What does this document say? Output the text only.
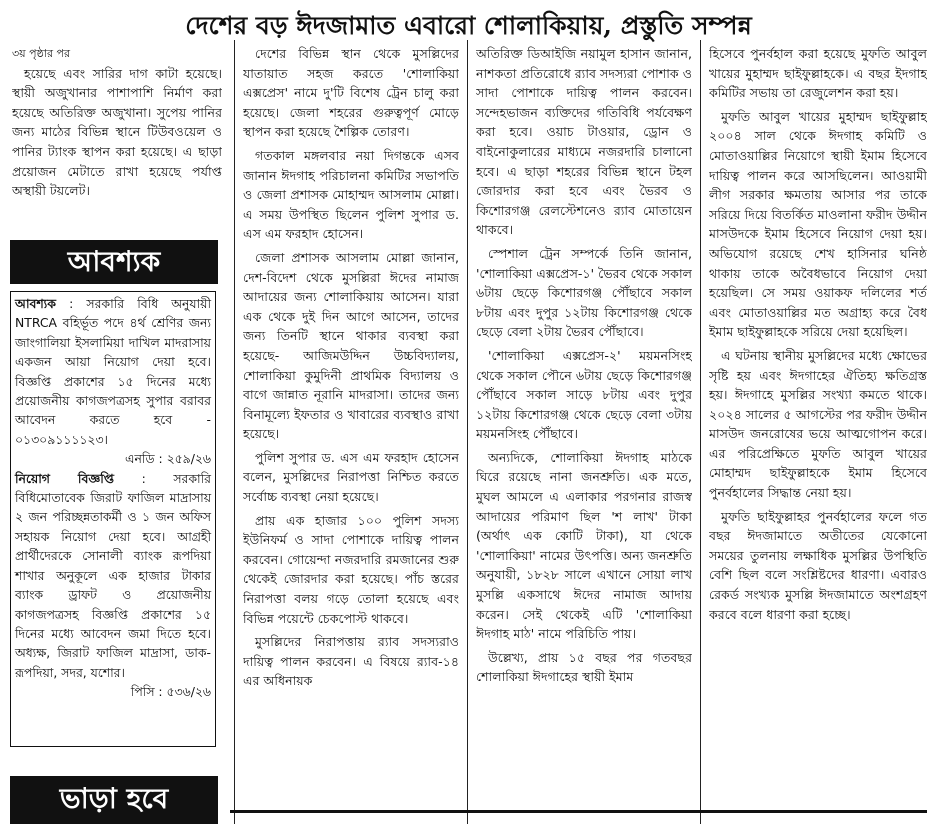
দেশের বড় ঈদজামাত এবারো শোলাকিয়ায়, প্রস্তুতি সম্পন্ন

৩য় পৃষ্ঠার পর

হয়েছে এবং সারির দাগ কাটা হয়েছে। স্থায়ী অজুখানার পাশাপাশি নির্মাণ করা হয়েছে অতিরিক্ত অজুখানা। সুপেয় পানির জন্য মাঠের বিভিন্ন স্থানে টিউবওয়েল ও পানির ট্যাংক স্থাপন করা হয়েছে। এ ছাড়া প্রয়োজন মেটাতে রাখা হয়েছে পর্যাপ্ত অস্থায়ী টয়লেট।

আবশ্যক

আবশ্যক : সরকারি বিধি অনুযায়ী NTRCA বহির্ভূত পদে ৪র্থ শ্রেণির জন্য জাংগালিয়া ইসলামিয়া দাখিল মাদরাসায় একজন আয়া নিয়োগ দেয়া হবে। বিজ্ঞপ্তি প্রকাশের ১৫ দিনের মধ্যে প্রয়োজনীয় কাগজপত্রসহ সুপার বরাবর আবেদন করতে হবে - ০১৩০৯১১১১২৩।

এনডি : ২৫৯/২৬

নিয়োগ বিজ্ঞপ্তি : সরকারি বিধিমোতাবেক জিরাট ফাজিল মাদ্রাসায় ২ জন পরিচ্ছন্নতাকর্মী ও ১ জন অফিস সহায়ক নিয়োগ দেয়া হবে। আগ্রহী প্রার্থীদেরকে সোনালী ব্যাংক রূপদিয়া শাখার অনুকূলে এক হাজার টাকার ব্যাংক ড্রাফট ও প্রয়োজনীয় কাগজপত্রসহ বিজ্ঞপ্তি প্রকাশের ১৫ দিনের মধ্যে আবেদন জমা দিতে হবে। অধ্যক্ষ, জিরাট ফাজিল মাদ্রাসা, ডাক-রূপদিয়া, সদর, যশোর।

পিসি : ৫৩৬/২৬

ভাড়া হবে

দেশের বিভিন্ন স্থান থেকে মুসল্লিদের যাতায়াত সহজ করতে 'শোলাকিয়া এক্সপ্রেস' নামে দু'টি বিশেষ ট্রেন চালু করা হয়েছে। জেলা শহরের গুরুত্বপূর্ণ মোড়ে স্থাপন করা হয়েছে শৈল্পিক তোরণ।

গতকাল মঙ্গলবার নয়া দিগন্তকে এসব জানান ঈদগাহ পরিচালনা কমিটির সভাপতি ও জেলা প্রশাসক মোহাম্মদ আসলাম মোল্লা। এ সময় উপস্থিত ছিলেন পুলিশ সুপার ড. এস এম ফরহাদ হোসেন।

জেলা প্রশাসক আসলাম মোল্লা জানান, দেশ-বিদেশ থেকে মুসল্লিরা ঈদের নামাজ আদায়ের জন্য শোলাকিয়ায় আসেন। যারা এক থেকে দুই দিন আগে আসেন, তাদের জন্য তিনটি স্থানে থাকার ব্যবস্থা করা হয়েছে- আজিমউদ্দিন উচ্চবিদ্যালয়, শোলাকিয়া কুমুদিনী প্রাথমিক বিদ্যালয় ও বাগে জান্নাত নূরানি মাদরাসা। তাদের জন্য বিনামূল্যে ইফতার ও খাবারের ব্যবস্থাও রাখা হয়েছে।

পুলিশ সুপার ড. এস এম ফরহাদ হোসেন বলেন, মুসল্লিদের নিরাপত্তা নিশ্চিত করতে সর্বোচ্চ ব্যবস্থা নেয়া হয়েছে।

প্রায় এক হাজার ১০০ পুলিশ সদস্য ইউনিফর্ম ও সাদা পোশাকে দায়িত্ব পালন করবেন। গোয়েন্দা নজরদারি রমজানের শুরু থেকেই জোরদার করা হয়েছে। পাঁচ স্তরের নিরাপত্তা বলয় গড়ে তোলা হয়েছে এবং বিভিন্ন পয়েন্টে চেকপোস্ট থাকবে।

মুসল্লিদের নিরাপত্তায় র‍্যাব সদস্যরাও দায়িত্ব পালন করবেন। এ বিষয়ে র‍্যাব-১৪ এর অধিনায়ক

অতিরিক্ত ডিআইজি নয়ামুল হাসান জানান, নাশকতা প্রতিরোধে র‍্যাব সদস্যরা পোশাক ও সাদা পোশাকে দায়িত্ব পালন করবেন। সন্দেহভাজন ব্যক্তিদের গতিবিধি পর্যবেক্ষণ করা হবে। ওয়াচ টাওয়ার, ড্রোন ও বাইনোকুলারের মাধ্যমে নজরদারি চালানো হবে। এ ছাড়া শহরের বিভিন্ন স্থানে টহল জোরদার করা হবে এবং ভৈরব ও কিশোরগঞ্জ রেলস্টেশনেও র‍্যাব মোতায়েন থাকবে।

স্পেশাল ট্রেন সম্পর্কে তিনি জানান, 'শোলাকিয়া এক্সপ্রেস-১' ভৈরব থেকে সকাল ৬টায় ছেড়ে কিশোরগঞ্জ পৌঁছাবে সকাল ৮টায় এবং দুপুর ১২টায় কিশোরগঞ্জ থেকে ছেড়ে বেলা ২টায় ভৈরব পৌঁছাবে।

'শোলাকিয়া এক্সপ্রেস-২' ময়মনসিংহ থেকে সকাল পৌনে ৬টায় ছেড়ে কিশোরগঞ্জ পৌঁছাবে সকাল সাড়ে ৮টায় এবং দুপুর ১২টায় কিশোরগঞ্জ থেকে ছেড়ে বেলা ৩টায় ময়মনসিংহ পৌঁছাবে।

অন্যদিকে, শোলাকিয়া ঈদগাহ মাঠকে ঘিরে রয়েছে নানা জনশ্রুতি। এক মতে, মুঘল আমলে এ এলাকার পরগনার রাজস্ব আদায়ের পরিমাণ ছিল 'শ লাখ' টাকা (অর্থাৎ এক কোটি টাকা), যা থেকে 'শোলাকিয়া' নামের উৎপত্তি। অন্য জনশ্রুতি অনুযায়ী, ১৮২৮ সালে এখানে সোয়া লাখ মুসল্লি একসাথে ঈদের নামাজ আদায় করেন। সেই থেকেই এটি 'শোলাকিয়া ঈদগাহ মাঠ' নামে পরিচিতি পায়।

উল্লেখ্য, প্রায় ১৫ বছর পর গতবছর শোলাকিয়া ঈদগাহের স্থায়ী ইমাম

হিসেবে পুনর্বহাল করা হয়েছে মুফতি আবুল খায়ের মুহাম্মদ ছাইফুল্লাহকে। এ বছর ইদগাহ কমিটির সভায় তা রেজুলেশন করা হয়।

মুফতি আবুল খায়ের মুহাম্মদ ছাইফুল্লাহ ২০০৪ সাল থেকে ঈদগাহ কমিটি ও মোতাওয়াল্লির নিয়োগে স্থায়ী ইমাম হিসেবে দায়িত্ব পালন করে আসছিলেন। আওয়ামী লীগ সরকার ক্ষমতায় আসার পর তাকে সরিয়ে দিয়ে বিতর্কিত মাওলানা ফরীদ উদ্দীন মাসউদকে ইমাম হিসেবে নিয়োগ দেয়া হয়। অভিযোগ রয়েছে শেখ হাসিনার ঘনিষ্ঠ থাকায় তাকে অবৈধভাবে নিয়োগ দেয়া হয়েছিল। সে সময় ওয়াকফ দলিলের শর্ত এবং মোতাওয়াল্লির মত অগ্রাহ্য করে বৈধ ইমাম ছাইফুল্লাহকে সরিয়ে দেয়া হয়েছিল।

এ ঘটনায় স্থানীয় মুসল্লিদের মধ্যে ক্ষোভের সৃষ্টি হয় এবং ঈদগাহের ঐতিহ্য ক্ষতিগ্রস্ত হয়। ঈদগাহে মুসল্লির সংখ্যা কমতে থাকে। ২০২৪ সালের ৫ আগস্টের পর ফরীদ উদ্দীন মাসউদ জনরোষের ভয়ে আত্মগোপন করে। এর পরিপ্রেক্ষিতে মুফতি আবুল খায়ের মোহাম্মদ ছাইফুল্লাহকে ইমাম হিসেবে পুনর্বহালের সিদ্ধান্ত নেয়া হয়।

মুফতি ছাইফুল্লাহর পুনর্বহালের ফলে গত বছর ঈদজামাতে অতীতের যেকোনো সময়ের তুলনায় লক্ষাধিক মুসল্লির উপস্থিতি বেশি ছিল বলে সংশ্লিষ্টদের ধারণা। এবারও রেকর্ড সংখ্যক মুসল্লি ঈদজামাতে অংশগ্রহণ করবে বলে ধারণা করা হচ্ছে।
